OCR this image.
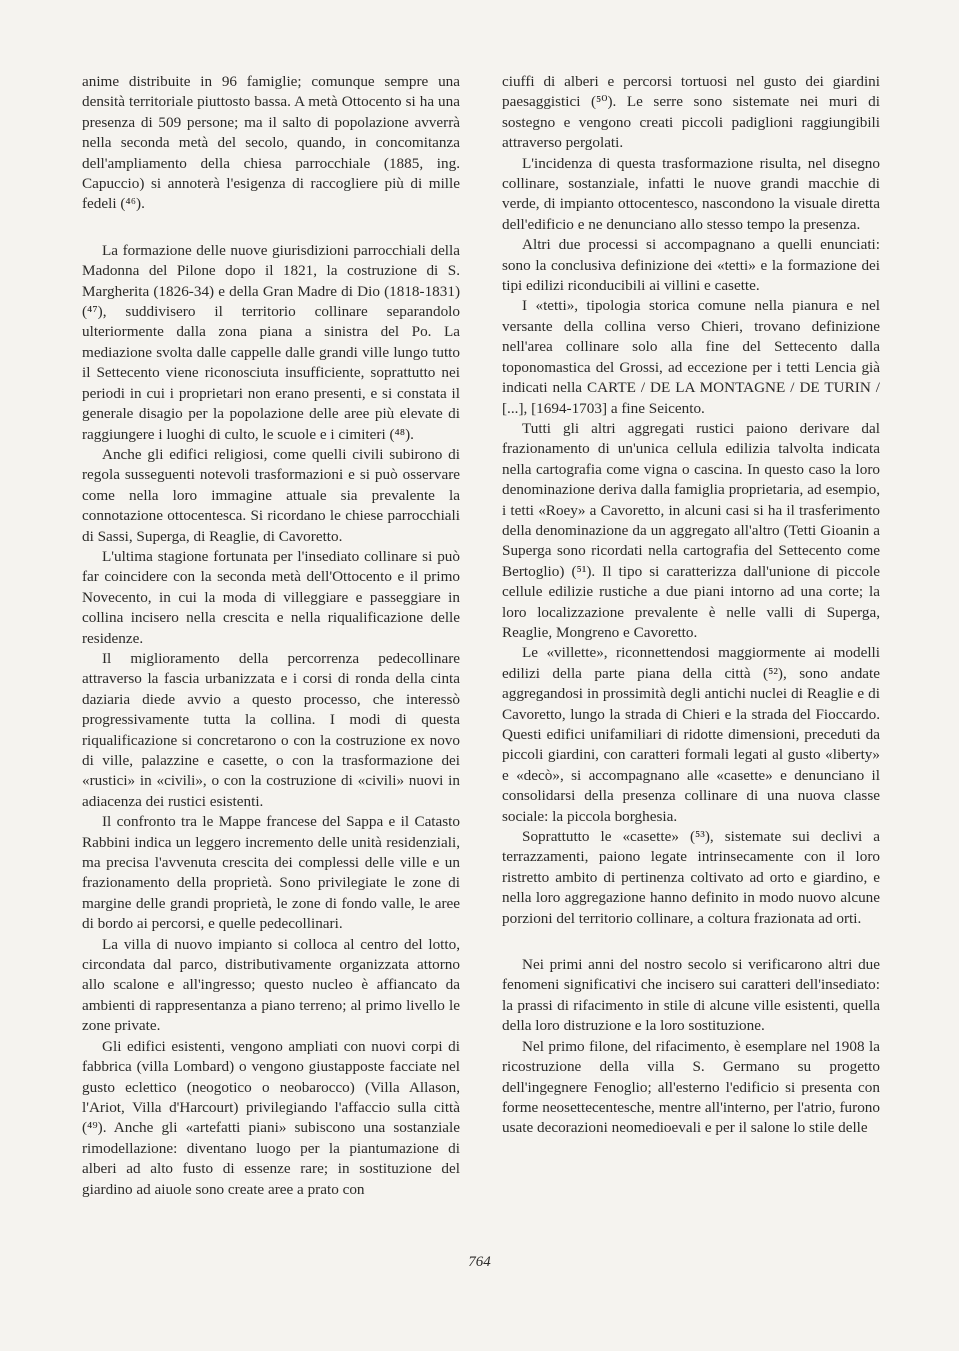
anime distribuite in 96 famiglie; comunque sempre una densità territoriale piuttosto bassa. A metà Ottocento si ha una presenza di 509 persone; ma il salto di popolazione avverrà nella seconda metà del secolo, quando, in concomitanza dell'ampliamento della chiesa parrocchiale (1885, ing. Capuccio) si annoterà l'esigenza di raccogliere più di mille fedeli (⁴⁶).

La formazione delle nuove giurisdizioni parrocchiali della Madonna del Pilone dopo il 1821, la costruzione di S. Margherita (1826-34) e della Gran Madre di Dio (1818-1831) (⁴⁷), suddivisero il territorio collinare separandolo ulteriormente dalla zona piana a sinistra del Po. La mediazione svolta dalle cappelle dalle grandi ville lungo tutto il Settecento viene riconosciuta insufficiente, soprattutto nei periodi in cui i proprietari non erano presenti, e si constata il generale disagio per la popolazione delle aree più elevate di raggiungere i luoghi di culto, le scuole e i cimiteri (⁴⁸).

Anche gli edifici religiosi, come quelli civili subirono di regola susseguenti notevoli trasformazioni e si può osservare come nella loro immagine attuale sia prevalente la connotazione ottocentesca. Si ricordano le chiese parrocchiali di Sassi, Superga, di Reaglie, di Cavoretto.

L'ultima stagione fortunata per l'insediato collinare si può far coincidere con la seconda metà dell'Ottocento e il primo Novecento, in cui la moda di villeggiare e passeggiare in collina incisero nella crescita e nella riqualificazione delle residenze.

Il miglioramento della percorrenza pedecollinare attraverso la fascia urbanizzata e i corsi di ronda della cinta daziaria diede avvio a questo processo, che interessò progressivamente tutta la collina. I modi di questa riqualificazione si concretarono o con la costruzione ex novo di ville, palazzine e casette, o con la trasformazione dei «rustici» in «civili», o con la costruzione di «civili» nuovi in adiacenza dei rustici esistenti.

Il confronto tra le Mappe francese del Sappa e il Catasto Rabbini indica un leggero incremento delle unità residenziali, ma precisa l'avvenuta crescita dei complessi delle ville e un frazionamento della proprietà. Sono privilegiate le zone di margine delle grandi proprietà, le zone di fondo valle, le aree di bordo ai percorsi, e quelle pedecollinari.

La villa di nuovo impianto si colloca al centro del lotto, circondata dal parco, distributivamente organizzata attorno allo scalone e all'ingresso; questo nucleo è affiancato da ambienti di rappresentanza a piano terreno; al primo livello le zone private.

Gli edifici esistenti, vengono ampliati con nuovi corpi di fabbrica (villa Lombard) o vengono giustapposte facciate nel gusto eclettico (neogotico o neobarocco) (Villa Allason, l'Ariot, Villa d'Harcourt) privilegiando l'affaccio sulla città (⁴⁹). Anche gli «artefatti piani» subiscono una sostanziale rimodellazione: diventano luogo per la piantumazione di alberi ad alto fusto di essenze rare; in sostituzione del giardino ad aiuole sono create aree a prato con

ciuffi di alberi e percorsi tortuosi nel gusto dei giardini paesaggistici (⁵⁰). Le serre sono sistemate nei muri di sostegno e vengono creati piccoli padiglioni raggiungibili attraverso pergolati.

L'incidenza di questa trasformazione risulta, nel disegno collinare, sostanziale, infatti le nuove grandi macchie di verde, di impianto ottocentesco, nascondono la visuale diretta dell'edificio e ne denunciano allo stesso tempo la presenza.

Altri due processi si accompagnano a quelli enunciati: sono la conclusiva definizione dei «tetti» e la formazione dei tipi edilizi riconducibili ai villini e casette.

I «tetti», tipologia storica comune nella pianura e nel versante della collina verso Chieri, trovano definizione nell'area collinare solo alla fine del Settecento dalla toponomastica del Grossi, ad eccezione per i tetti Lencia già indicati nella CARTE / DE LA MONTAGNE / DE TURIN / [...], [1694-1703] a fine Seicento.

Tutti gli altri aggregati rustici paiono derivare dal frazionamento di un'unica cellula edilizia talvolta indicata nella cartografia come vigna o cascina. In questo caso la loro denominazione deriva dalla famiglia proprietaria, ad esempio, i tetti «Roey» a Cavoretto, in alcuni casi si ha il trasferimento della denominazione da un aggregato all'altro (Tetti Gioanin a Superga sono ricordati nella cartografia del Settecento come Bertoglio) (⁵¹). Il tipo si caratterizza dall'unione di piccole cellule edilizie rustiche a due piani intorno ad una corte; la loro localizzazione prevalente è nelle valli di Superga, Reaglie, Mongreno e Cavoretto.

Le «villette», riconnettendosi maggiormente ai modelli edilizi della parte piana della città (⁵²), sono andate aggregandosi in prossimità degli antichi nuclei di Reaglie e di Cavoretto, lungo la strada di Chieri e la strada del Fioccardo. Questi edifici unifamiliari di ridotte dimensioni, preceduti da piccoli giardini, con caratteri formali legati al gusto «liberty» e «decò», si accompagnano alle «casette» e denunciano il consolidarsi della presenza collinare di una nuova classe sociale: la piccola borghesia.

Soprattutto le «casette» (⁵³), sistemate sui declivi a terrazzamenti, paiono legate intrinsecamente con il loro ristretto ambito di pertinenza coltivato ad orto e giardino, e nella loro aggregazione hanno definito in modo nuovo alcune porzioni del territorio collinare, a coltura frazionata ad orti.

Nei primi anni del nostro secolo si verificarono altri due fenomeni significativi che incisero sui caratteri dell'insediato: la prassi di rifacimento in stile di alcune ville esistenti, quella della loro distruzione e la loro sostituzione.

Nel primo filone, del rifacimento, è esemplare nel 1908 la ricostruzione della villa S. Germano su progetto dell'ingegnere Fenoglio; all'esterno l'edificio si presenta con forme neosettecentesche, mentre all'interno, per l'atrio, furono usate decorazioni neomedioevali e per il salone lo stile delle

764
